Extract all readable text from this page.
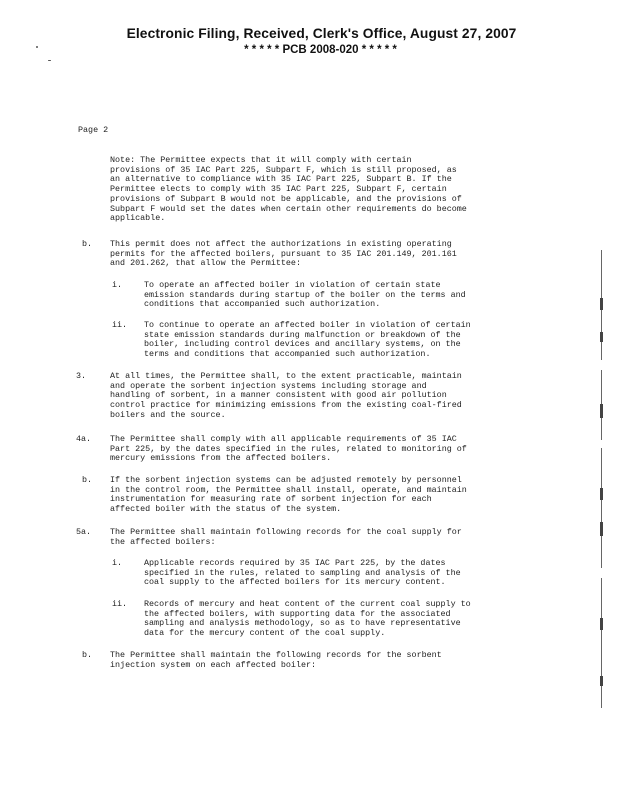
Electronic Filing, Received, Clerk's Office, August 27, 2007
* * * * * PCB 2008-020 * * * * *
Page 2
Note: The Permittee expects that it will comply with certain
provisions of 35 IAC Part 225, Subpart F, which is still proposed, as
an alternative to compliance with 35 IAC Part 225, Subpart B. If the
Permittee elects to comply with 35 IAC Part 225, Subpart F, certain
provisions of Subpart B would not be applicable, and the provisions of
Subpart F would set the dates when certain other requirements do become
applicable.
b. This permit does not affect the authorizations in existing operating
permits for the affected boilers, pursuant to 35 IAC 201.149, 201.161
and 201.262, that allow the Permittee:
i.	To operate an affected boiler in violation of certain state
emission standards during startup of the boiler on the terms and
conditions that accompanied such authorization.
ii. To continue to operate an affected boiler in violation of certain
state emission standards during malfunction or breakdown of the
boiler, including control devices and ancillary systems, on the
terms and conditions that accompanied such authorization.
3.	At all times, the Permittee shall, to the extent practicable, maintain
and operate the sorbent injection systems including storage and
handling of sorbent, in a manner consistent with good air pollution
control practice for minimizing emissions from the existing coal-fired
boilers and the source.
4a. The Permittee shall comply with all applicable requirements of 35 IAC
Part 225, by the dates specified in the rules, related to monitoring of
mercury emissions from the affected boilers.
b. If the sorbent injection systems can be adjusted remotely by personnel
in the control room, the Permittee shall install, operate, and maintain
instrumentation for measuring rate of sorbent injection for each
affected boiler with the status of the system.
5a. The Permittee shall maintain following records for the coal supply for
the affected boilers:
i.	Applicable records required by 35 IAC Part 225, by the dates
specified in the rules, related to sampling and analysis of the
coal supply to the affected boilers for its mercury content.
ii. Records of mercury and heat content of the current coal supply to
the affected boilers, with supporting data for the associated
sampling and analysis methodology, so as to have representative
data for the mercury content of the coal supply.
b. The Permittee shall maintain the following records for the sorbent
injection system on each affected boiler:
